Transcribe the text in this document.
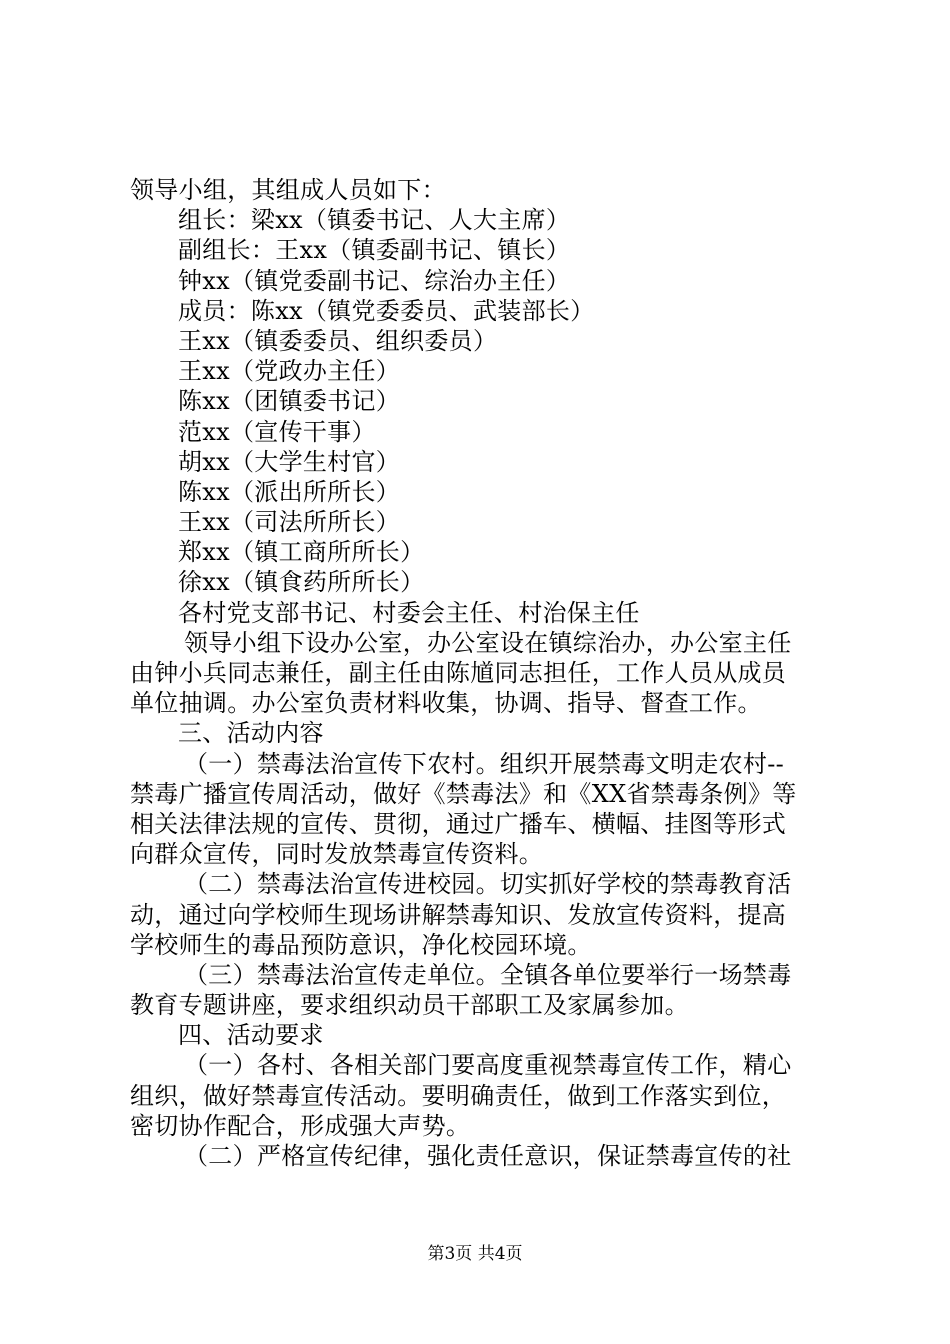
领导小组，其组成人员如下：
组长：梁xx（镇委书记、人大主席）
副组长：王xx（镇委副书记、镇长）
钟xx（镇党委副书记、综治办主任）
成员：陈xx（镇党委委员、武装部长）
王xx（镇委委员、组织委员）
王xx（党政办主任）
陈xx（团镇委书记）
范xx（宣传干事）
胡xx（大学生村官）
陈xx（派出所所长）
王xx（司法所所长）
郑xx（镇工商所所长）
徐xx（镇食药所所长）
各村党支部书记、村委会主任、村治保主任
领导小组下设办公室，办公室设在镇综治办，办公室主任
由钟小兵同志兼任，副主任由陈馗同志担任，工作人员从成员
单位抽调。办公室负责材料收集，协调、指导、督查工作。
三、活动内容
（一）禁毒法治宣传下农村。组织开展禁毒文明走农村--
禁毒广播宣传周活动，做好《禁毒法》和《XX省禁毒条例》等
相关法律法规的宣传、贯彻，通过广播车、横幅、挂图等形式
向群众宣传，同时发放禁毒宣传资料。
（二）禁毒法治宣传进校园。切实抓好学校的禁毒教育活
动，通过向学校师生现场讲解禁毒知识、发放宣传资料，提高
学校师生的毒品预防意识，净化校园环境。
（三）禁毒法治宣传走单位。全镇各单位要举行一场禁毒
教育专题讲座，要求组织动员干部职工及家属参加。
四、活动要求
（一）各村、各相关部门要高度重视禁毒宣传工作，精心
组织，做好禁毒宣传活动。要明确责任，做到工作落实到位，
密切协作配合，形成强大声势。
（二）严格宣传纪律，强化责任意识，保证禁毒宣传的社
第3页 共4页
